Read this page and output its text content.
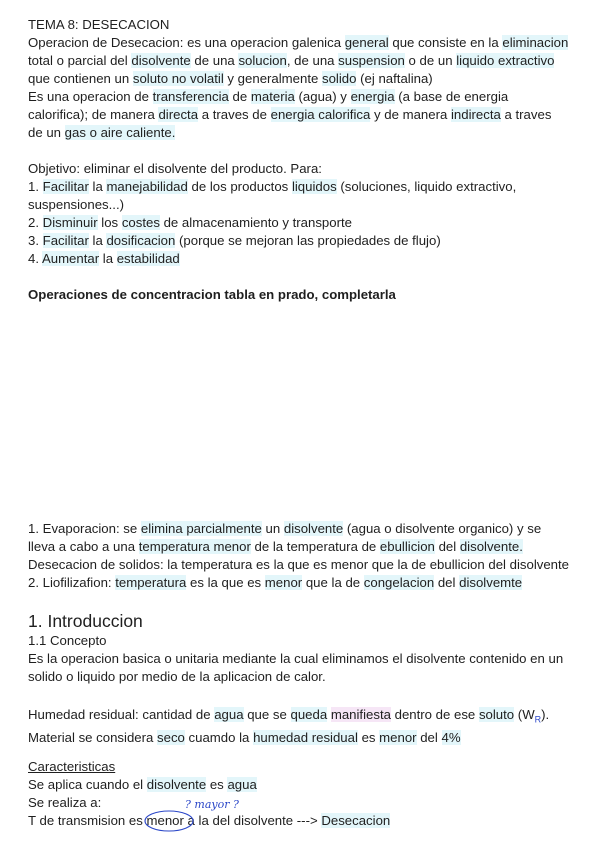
TEMA 8: DESECACION
Operacion de Desecacion: es una operacion galenica general que consiste en la eliminacion
total o parcial del disolvente de una solucion, de una suspension o de un liquido extractivo
que contienen un soluto no volatil y generalmente solido (ej naftalina)
Es una operacion de transferencia de materia (agua) y energia (a base de energia
calorifica); de manera directa a traves de energia calorifica y de manera indirecta a traves
de un gas o aire caliente.
Objetivo: eliminar el disolvente del producto. Para:
1. Facilitar la manejabilidad de los productos liquidos (soluciones, liquido extractivo,
suspensiones...)
2. Disminuir los costes de almacenamiento y transporte
3. Facilitar la dosificacion (porque se mejoran las propiedades de flujo)
4. Aumentar la estabilidad
Operaciones de concentracion tabla en prado, completarla
1. Evaporacion: se elimina parcialmente un disolvente (agua o disolvente organico) y se
lleva a cabo a una temperatura menor de la temperatura de ebullicion del disolvente.
Desecacion de solidos: la temperatura es la que es menor que la de ebullicion del disolvente
2. Liofilizafion: temperatura es la que es menor que la de congelacion del disolvemte
1. Introduccion
1.1 Concepto
Es la operacion basica o unitaria mediante la cual eliminamos el disolvente contenido en un
solido o liquido por medio de la aplicacion de calor.
Humedad residual: cantidad de agua que se queda manifiesta dentro de ese soluto $(W_R)$.
Material se considera seco cuamdo la humedad residual es menor del 4%
Caracteristicas
Se aplica cuando el disolvente es agua
Se realiza a:
T de transmision es
menor a la del disolvente ---> Desecacion
? mayor ?
